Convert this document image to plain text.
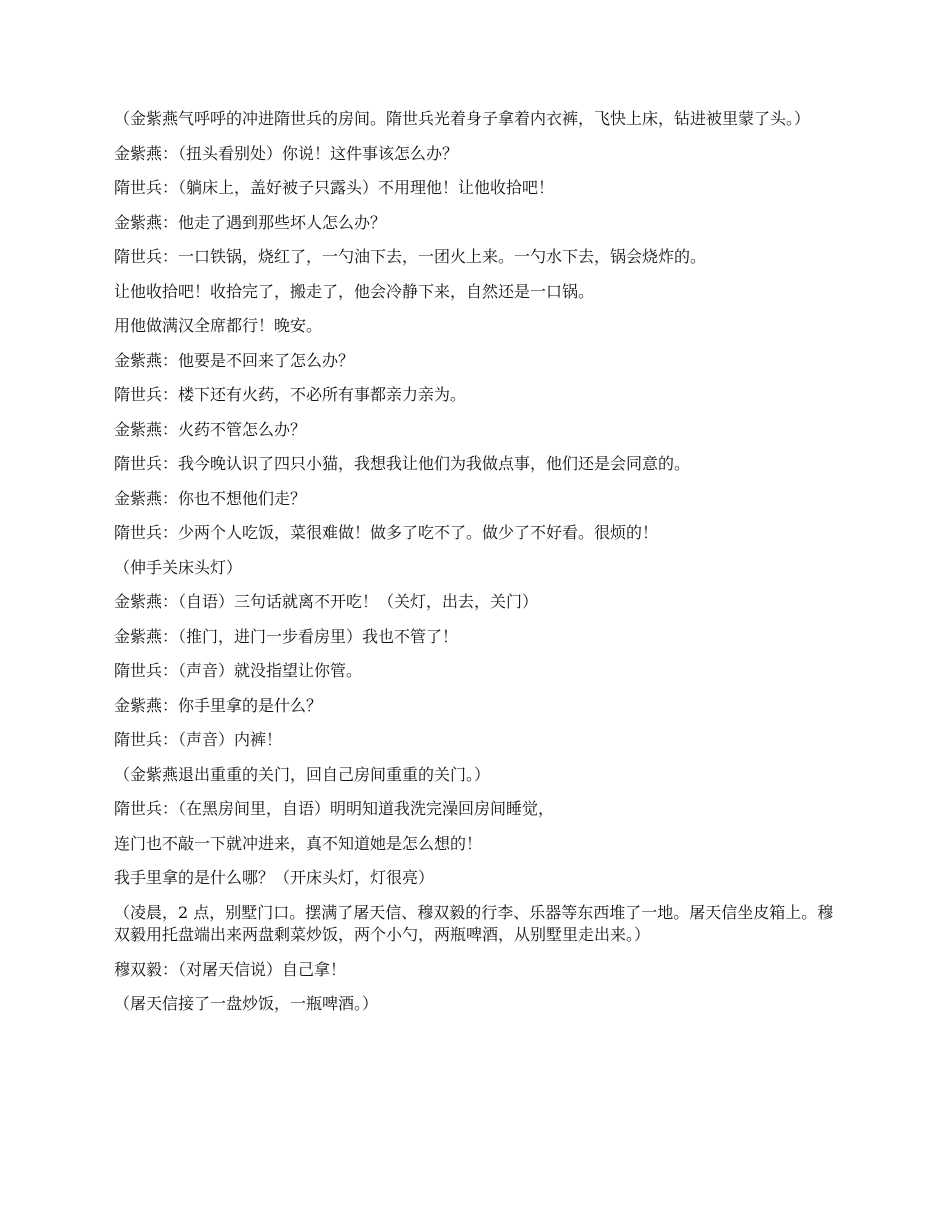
（金紫燕气呼呼的冲进隋世兵的房间。隋世兵光着身子拿着内衣裤，飞快上床，钻进被里蒙了头。）

金紫燕：（扭头看别处）你说！这件事该怎么办？

隋世兵：（躺床上，盖好被子只露头）不用理他！让他收拾吧！

金紫燕：他走了遇到那些坏人怎么办？

隋世兵：一口铁锅，烧红了，一勺油下去，一团火上来。一勺水下去，锅会烧炸的。

让他收拾吧！收拾完了，搬走了，他会冷静下来，自然还是一口锅。

用他做满汉全席都行！晚安。

金紫燕：他要是不回来了怎么办？

隋世兵：楼下还有火药，不必所有事都亲力亲为。

金紫燕：火药不管怎么办？

隋世兵：我今晚认识了四只小猫，我想我让他们为我做点事，他们还是会同意的。

金紫燕：你也不想他们走？

隋世兵：少两个人吃饭，菜很难做！做多了吃不了。做少了不好看。很烦的！

（伸手关床头灯）

金紫燕：（自语）三句话就离不开吃！（关灯，出去，关门）

金紫燕：（推门，进门一步看房里）我也不管了！

隋世兵：（声音）就没指望让你管。

金紫燕：你手里拿的是什么？

隋世兵：（声音）内裤！

（金紫燕退出重重的关门，回自己房间重重的关门。）

隋世兵：（在黑房间里，自语）明明知道我洗完澡回房间睡觉，

连门也不敲一下就冲进来，真不知道她是怎么想的！

我手里拿的是什么哪？（开床头灯，灯很亮）

（凌晨，2 点，别墅门口。摆满了屠天信、穆双毅的行李、乐器等东西堆了一地。屠天信坐皮箱上。穆双毅用托盘端出来两盘剩菜炒饭，两个小勺，两瓶啤酒，从别墅里走出来。）

穆双毅：（对屠天信说）自己拿！

（屠天信接了一盘炒饭，一瓶啤酒。）
